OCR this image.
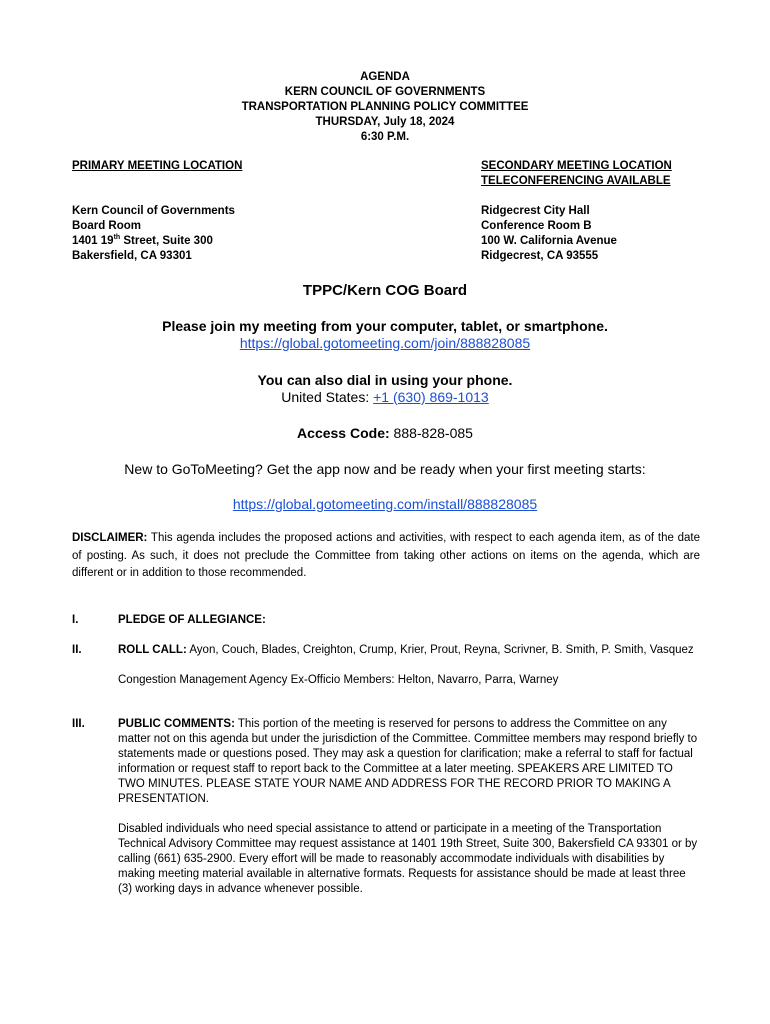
AGENDA
KERN COUNCIL OF GOVERNMENTS
TRANSPORTATION PLANNING POLICY COMMITTEE
THURSDAY, July 18, 2024
6:30 P.M.
PRIMARY MEETING LOCATION
Kern Council of Governments
Board Room
1401 19th Street, Suite 300
Bakersfield, CA 93301
SECONDARY MEETING LOCATION
TELECONFERENCING AVAILABLE
Ridgecrest City Hall
Conference Room B
100 W. California Avenue
Ridgecrest, CA 93555
TPPC/Kern COG Board
Please join my meeting from your computer, tablet, or smartphone.
https://global.gotomeeting.com/join/888828085
You can also dial in using your phone.
United States: +1 (630) 869-1013
Access Code: 888-828-085
New to GoToMeeting? Get the app now and be ready when your first meeting starts:
https://global.gotomeeting.com/install/888828085
DISCLAIMER: This agenda includes the proposed actions and activities, with respect to each agenda item, as of the date of posting. As such, it does not preclude the Committee from taking other actions on items on the agenda, which are different or in addition to those recommended.
I.	PLEDGE OF ALLEGIANCE:
II.	ROLL CALL: Ayon, Couch, Blades, Creighton, Crump, Krier, Prout, Reyna, Scrivner, B. Smith, P. Smith, Vasquez
Congestion Management Agency Ex-Officio Members: Helton, Navarro, Parra, Warney
III.	PUBLIC COMMENTS: This portion of the meeting is reserved for persons to address the Committee on any matter not on this agenda but under the jurisdiction of the Committee. Committee members may respond briefly to statements made or questions posed. They may ask a question for clarification; make a referral to staff for factual information or request staff to report back to the Committee at a later meeting. SPEAKERS ARE LIMITED TO TWO MINUTES. PLEASE STATE YOUR NAME AND ADDRESS FOR THE RECORD PRIOR TO MAKING A PRESENTATION.
Disabled individuals who need special assistance to attend or participate in a meeting of the Transportation Technical Advisory Committee may request assistance at 1401 19th Street, Suite 300, Bakersfield CA 93301 or by calling (661) 635-2900. Every effort will be made to reasonably accommodate individuals with disabilities by making meeting material available in alternative formats. Requests for assistance should be made at least three (3) working days in advance whenever possible.
